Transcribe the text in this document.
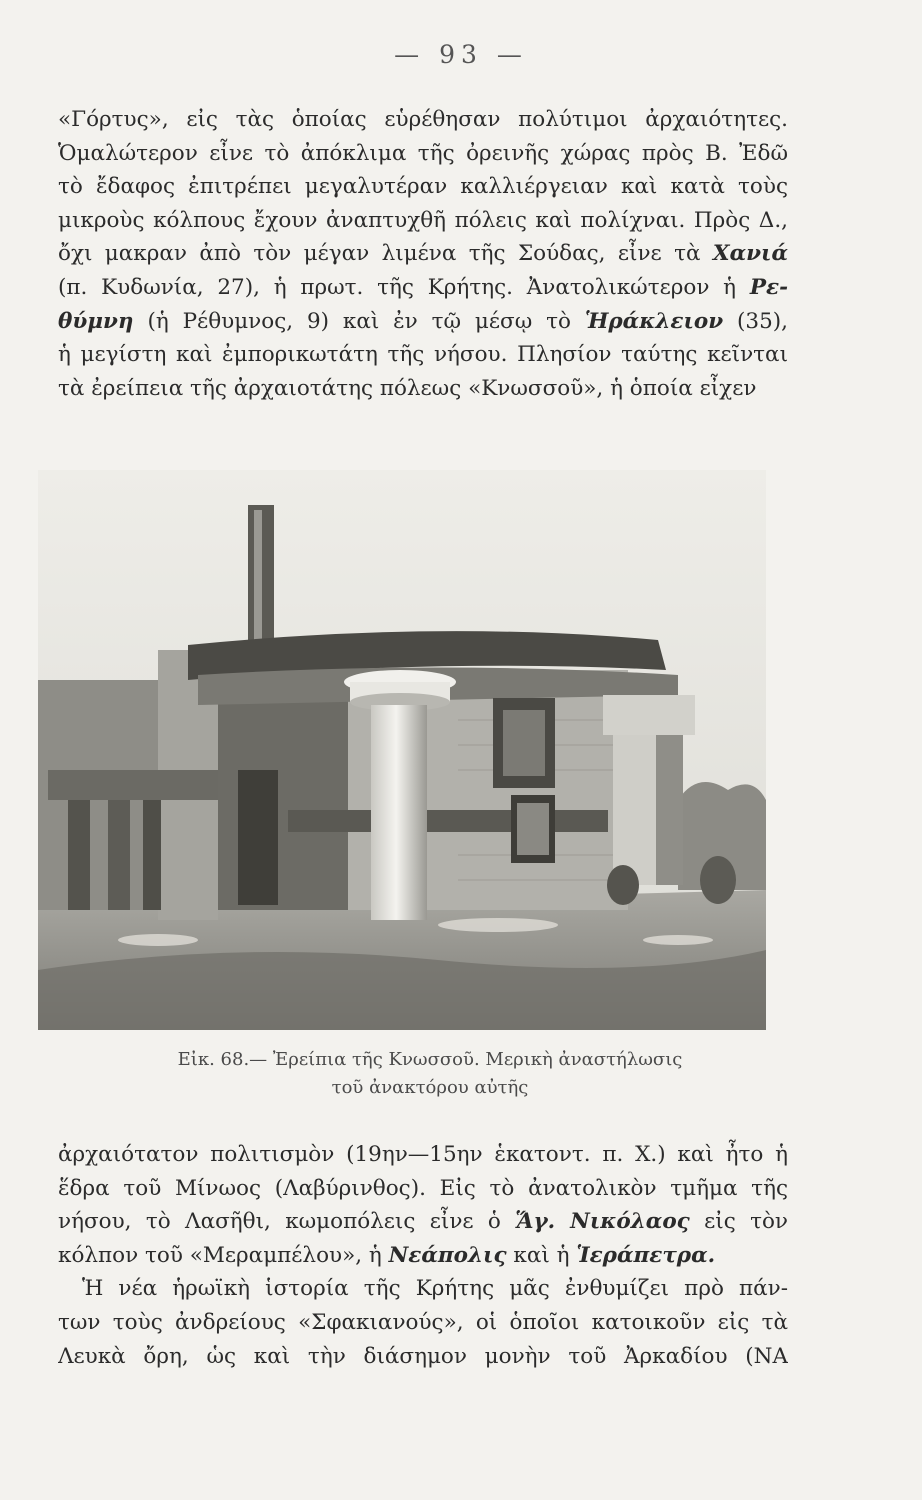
— 93 —
«Γόρτυς», εἰς τὰς ὁποίας εὑρέθησαν πολύτιμοι ἀρχαιότητες.
Ὁμαλώτερον εἶνε τὸ ἀπόκλιμα τῆς ὀρεινῆς χώρας πρὸς Β. Ἐδῶ
τὸ ἔδαφος ἐπιτρέπει μεγαλυτέραν καλλιέργειαν καὶ κατὰ τοὺς
μικροὺς κόλπους ἔχουν ἀναπτυχθῆ πόλεις καὶ πολίχναι. Πρὸς Δ.,
ὄχι μακραν ἀπὸ τὸν μέγαν λιμένα τῆς Σούδας, εἶνε τὰ Χανιά
(π. Κυδωνία, 27), ἡ πρωτ. τῆς Κρήτης. Ἀνατολικώτερον ἡ Ρε-
θύμνη (ἡ Ρέθυμνος, 9) καὶ ἐν τῷ μέσῳ τὸ Ἡράκλειον (35),
ἡ μεγίστη καὶ ἐμπορικωτάτη τῆς νήσου. Πλησίον ταύτης κεῖνται
τὰ ἐρείπεια τῆς ἀρχαιοτάτης πόλεως «Κνωσσοῦ», ἡ ὁποία εἶχεν
Εἰκ. 68.— Ἐρείπια τῆς Κνωσσοῦ. Μερικὴ ἀναστήλωσις
τοῦ ἀνακτόρου αὐτῆς
ἀρχαιότατον πολιτισμὸν (19ην—15ην ἑκατοντ. π. Χ.) καὶ ἦτο ἡ
ἕδρα τοῦ Μίνωος (Λαβύρινθος). Εἰς τὸ ἀνατολικὸν τμῆμα τῆς
νήσου, τὸ Λασῆθι, κωμοπόλεις εἶνε ὁ Ἅγ. Νικόλαος εἰς τὸν
κόλπον τοῦ «Μεραμπέλου», ἡ Νεάπολις καὶ ἡ Ἱεράπετρα.
Ἡ νέα ἡρωϊκὴ ἱστορία τῆς Κρήτης μᾶς ἐνθυμίζει πρὸ πάν-
των τοὺς ἀνδρείους «Σφακιανούς», οἱ ὁποῖοι κατοικοῦν εἰς τὰ
Λευκὰ ὄρη, ὡς καὶ τὴν διάσημον μονὴν τοῦ Ἀρκαδίου (ΝΑ
